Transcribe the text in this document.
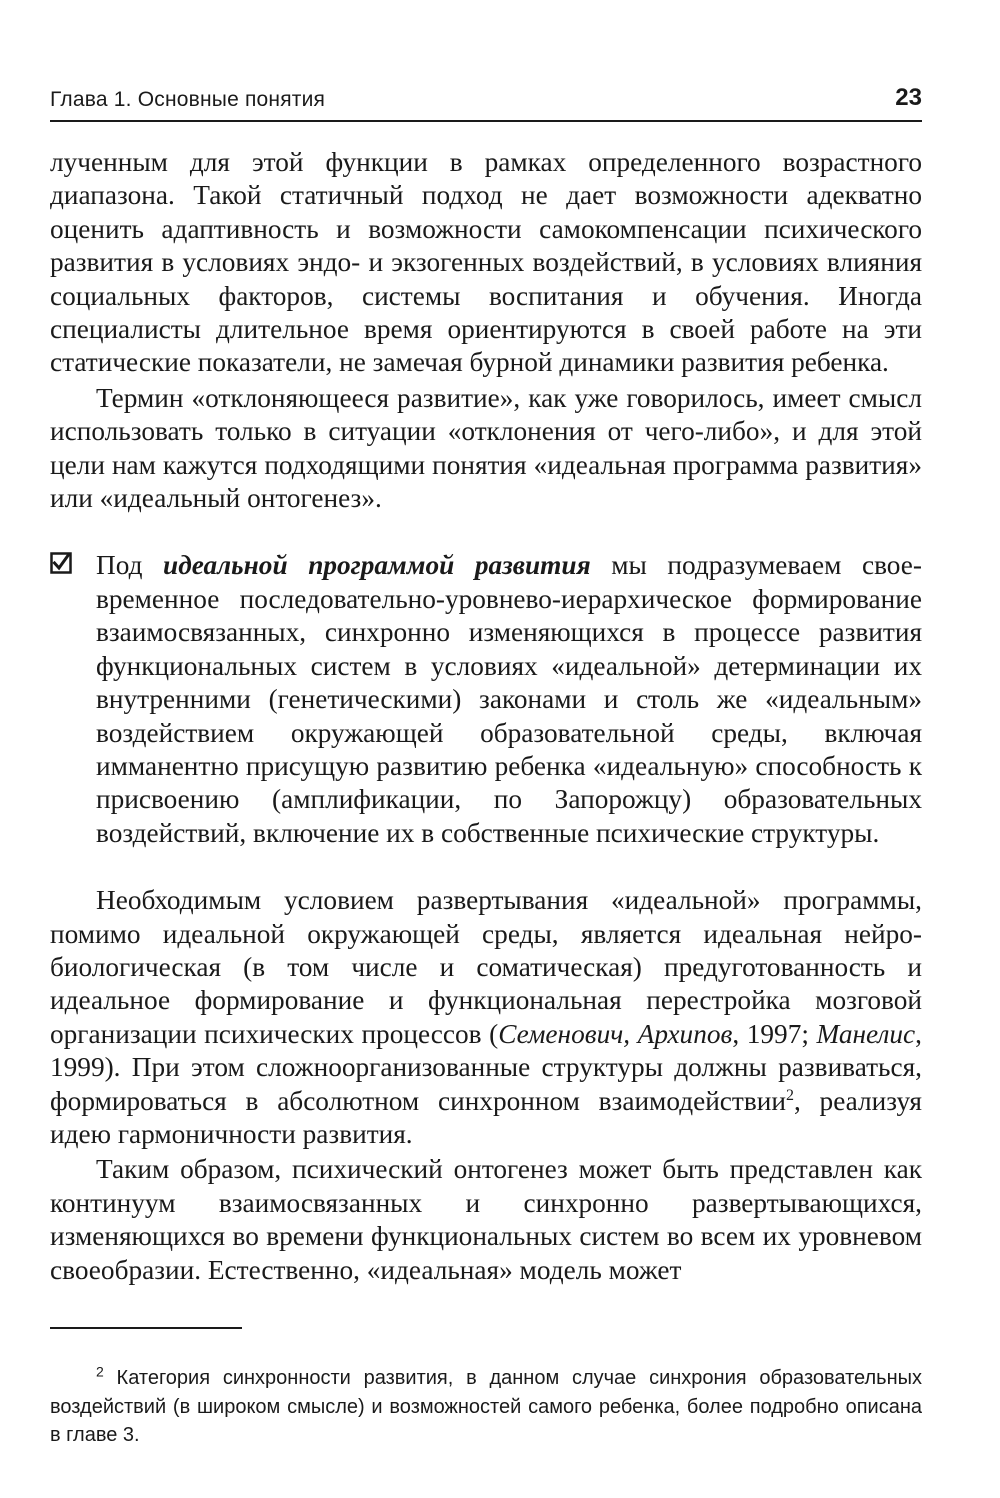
Глава 1. Основные понятия	23

лученным для этой функции в рамках определенного возрастного диапазона. Такой статичный подход не дает возможности адекватно оценить адаптивность и возможности самокомпенсации психического развития в условиях эндо- и экзогенных воздействий, в условиях влияния социальных факторов, системы воспитания и обучения. Иногда специалисты длительное время ориентируются в своей работе на эти статические показатели, не замечая бурной динамики развития ребенка.

Термин «отклоняющееся развитие», как уже говорилось, имеет смысл использовать только в ситуации «отклонения от чего-либо», и для этой цели нам кажутся подходящими понятия «идеальная программа развития» или «идеальный онтогенез».

Под идеальной программой развития мы подразумеваем своевременное последовательно-уровнево-иерархическое формирование взаимосвязанных, синхронно изменяющихся в процессе развития функциональных систем в условиях «идеальной» детерминации их внутренними (генетическими) законами и столь же «идеальным» воздействием окружающей образовательной среды, включая имманентно присущую развитию ребенка «идеальную» способность к присвоению (амплификации, по Запорожцу) образовательных воздействий, включение их в собственные психические структуры.

Необходимым условием развертывания «идеальной» программы, помимо идеальной окружающей среды, является идеальная нейробиологическая (в том числе и соматическая) предуготованность и идеальное формирование и функциональная перестройка мозговой организации психических процессов (Семенович, Архипов, 1997; Манелис, 1999). При этом сложноорганизованные структуры должны развиваться, формироваться в абсолютном синхронном взаимодействии$^2$, реализуя идею гармоничности развития.

Таким образом, психический онтогенез может быть представлен как континуум взаимосвязанных и синхронно развертывающихся, изменяющихся во времени функциональных систем во всем их уровневом своеобразии. Естественно, «идеальная» модель может

$^2$ Категория синхронности развития, в данном случае синхрония образовательных воздействий (в широком смысле) и возможностей самого ребенка, более подробно описана в главе 3.
